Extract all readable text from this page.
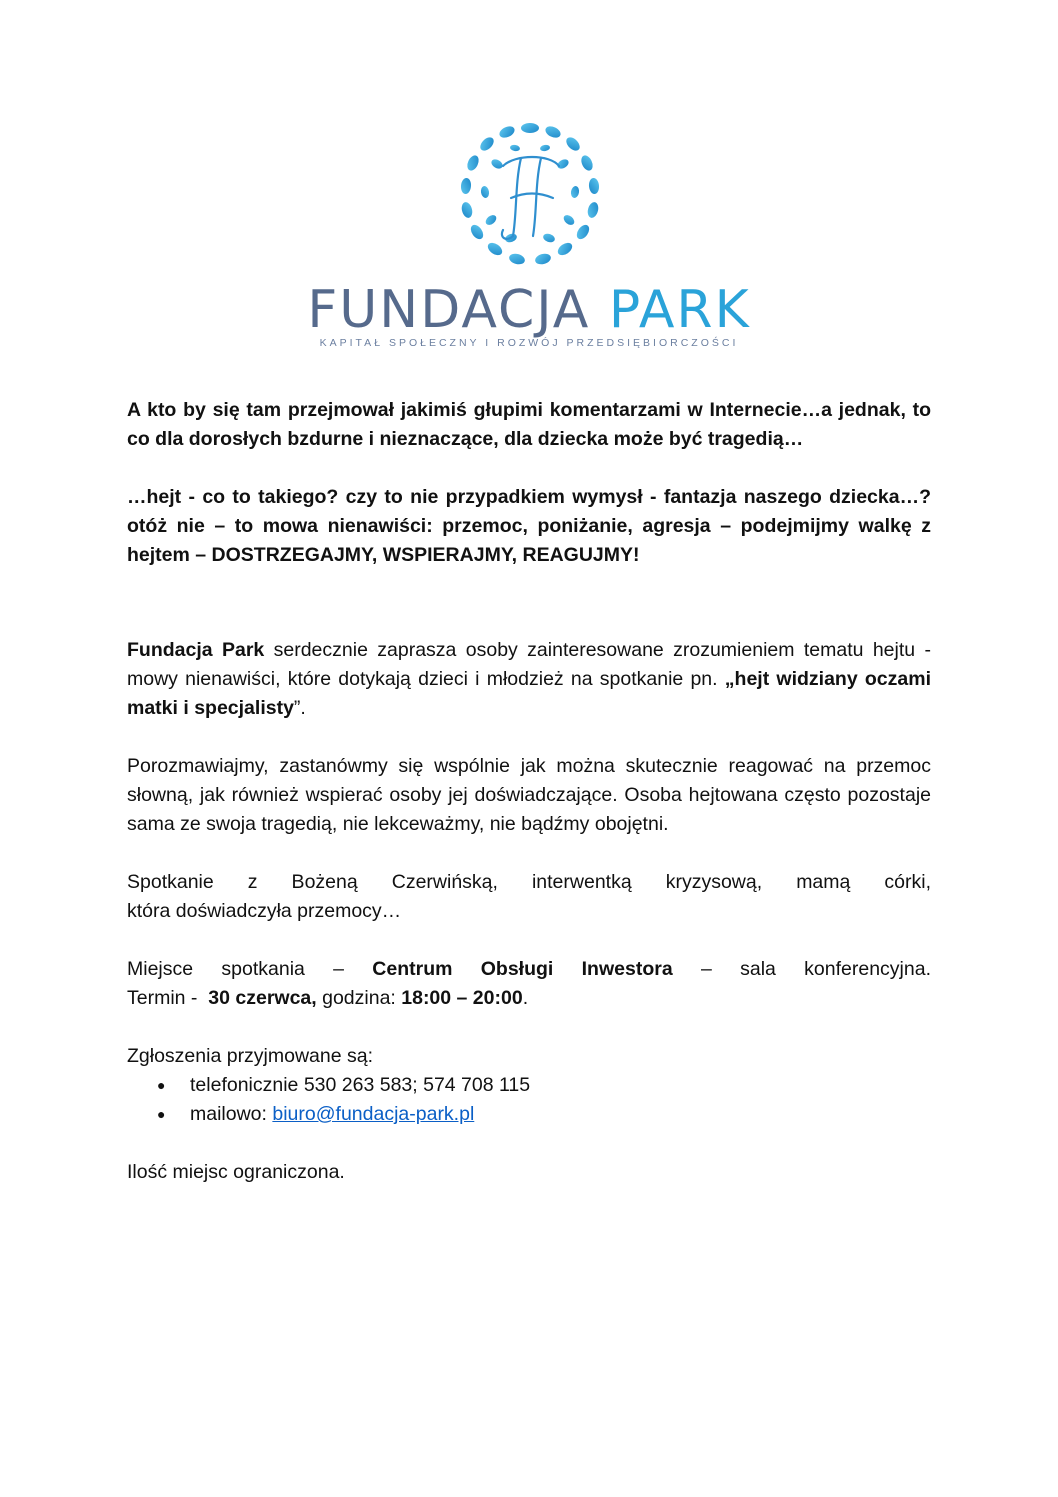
FUNDACJA PARK
KAPITAŁ SPOŁECZNY I ROZWÓJ PRZEDSIĘBIORCZOŚCI

A kto by się tam przejmował jakimiś głupimi komentarzami w Internecie…a jednak, to co dla dorosłych bzdurne i nieznaczące, dla dziecka może być tragedią…

…hejt - co to takiego? czy to nie przypadkiem wymysł - fantazja naszego dziecka…? otóż nie – to mowa nienawiści: przemoc, poniżanie, agresja – podejmijmy walkę z hejtem – DOSTRZEGAJMY, WSPIERAJMY, REAGUJMY!

Fundacja Park serdecznie zaprasza osoby zainteresowane zrozumieniem tematu hejtu - mowy nienawiści, które dotykają dzieci i młodzież na spotkanie pn. „hejt widziany oczami matki i specjalisty”.

Porozmawiajmy, zastanówmy się wspólnie jak można skutecznie reagować na przemoc słowną, jak również wspierać osoby jej doświadczające. Osoba hejtowana często pozostaje sama ze swoja tragedią, nie lekceważmy, nie bądźmy obojętni.

Spotkanie z Bożeną Czerwińską, interwentką kryzysową, mamą córki,

która doświadczyła przemocy…

Miejsce spotkania – Centrum Obsługi Inwestora – sala konferencyjna.

Termin -  30 czerwca, godzina: 18:00 – 20:00.

Zgłoszenia przyjmowane są:

● telefonicznie 530 263 583; 574 708 115
● mailowo: biuro@fundacja-park.pl

Ilość miejsc ograniczona.
